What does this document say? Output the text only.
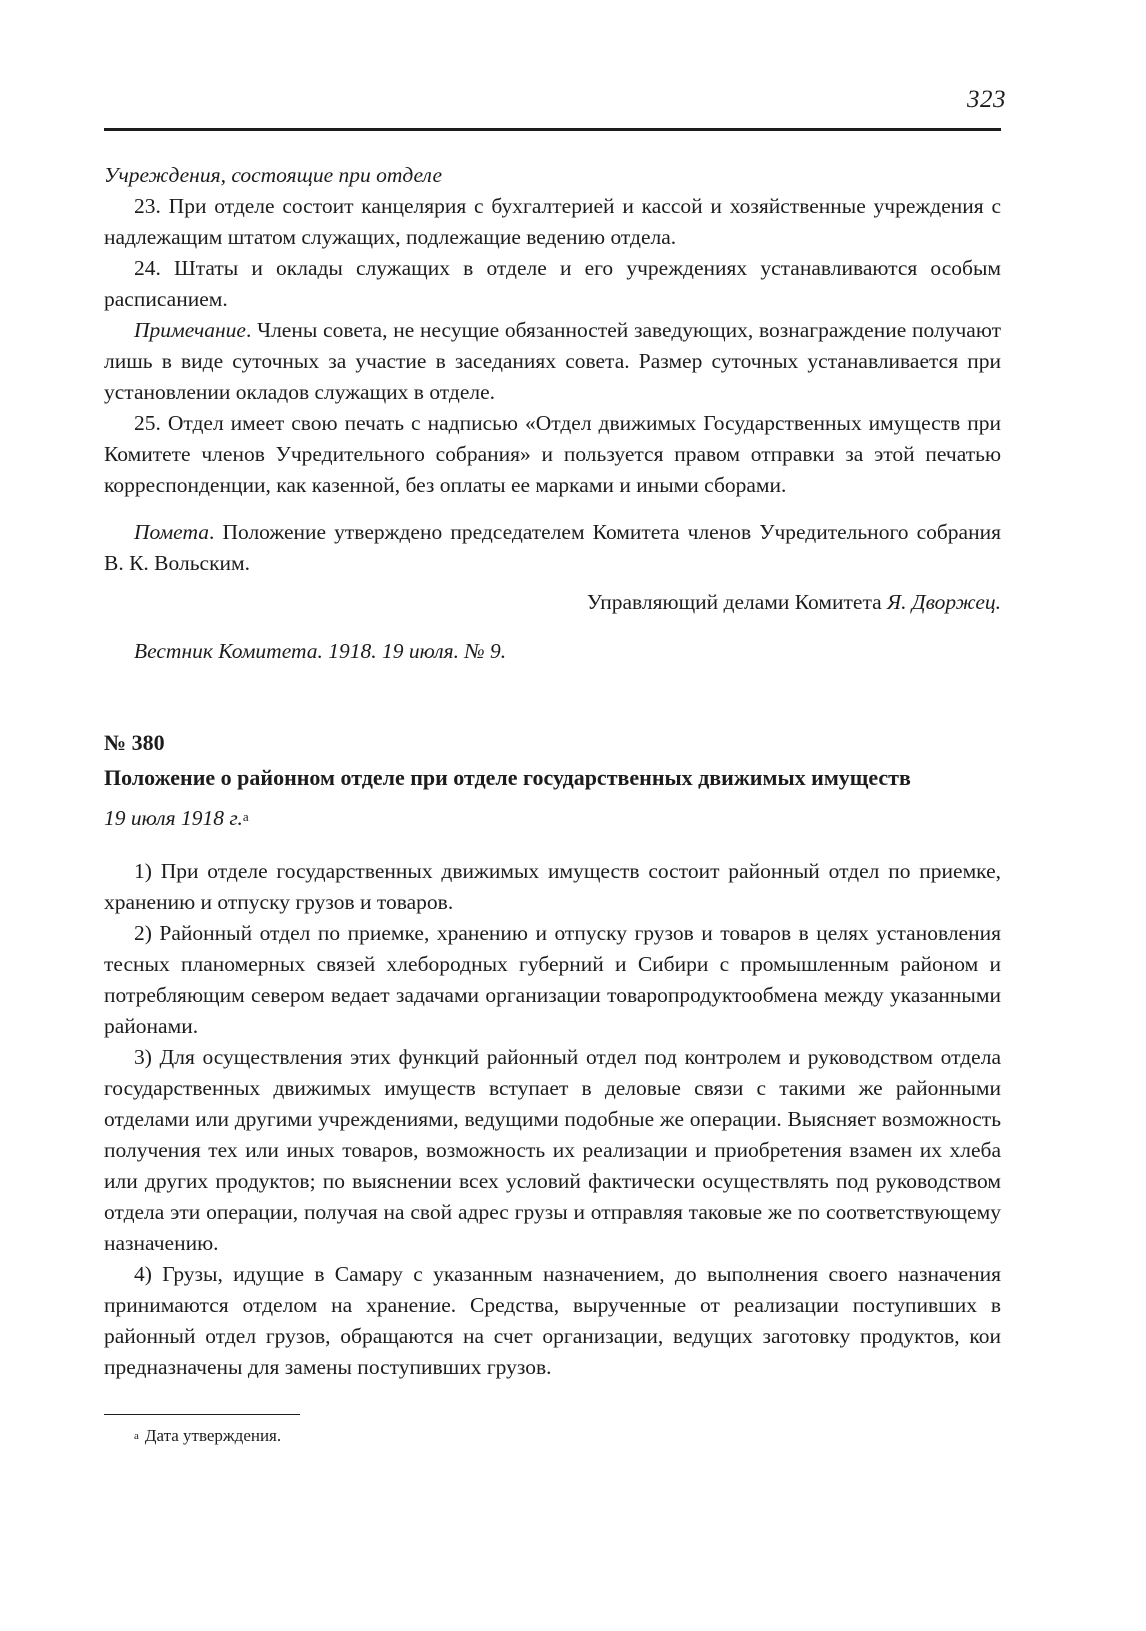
323

Учреждения, состоящие при отделе

23. При отделе состоит канцелярия с бухгалтерией и кассой и хозяйственные учреждения с надлежащим штатом служащих, подлежащие ведению отдела.

24. Штаты и оклады служащих в отделе и его учреждениях устанавливаются особым расписанием.

Примечание. Члены совета, не несущие обязанностей заведующих, вознаграждение получают лишь в виде суточных за участие в заседаниях совета. Размер суточных устанавливается при установлении окладов служащих в отделе.

25. Отдел имеет свою печать с надписью «Отдел движимых Государственных имуществ при Комитете членов Учредительного собрания» и пользуется правом отправки за этой печатью корреспонденции, как казенной, без оплаты ее марками и иными сборами.

Помета. Положение утверждено председателем Комитета членов Учредительного собрания В. К. Вольским.

Управляющий делами Комитета Я. Дворжец.

Вестник Комитета. 1918. 19 июля. № 9.

№ 380

Положение о районном отделе при отделе государственных движимых имуществ

19 июля 1918 г.$^а$

1) При отделе государственных движимых имуществ состоит районный отдел по приемке, хранению и отпуску грузов и товаров.

2) Районный отдел по приемке, хранению и отпуску грузов и товаров в целях установления тесных планомерных связей хлебородных губерний и Сибири с промышленным районом и потребляющим севером ведает задачами организации товаропродуктообмена между указанными районами.

3) Для осуществления этих функций районный отдел под контролем и руководством отдела государственных движимых имуществ вступает в деловые связи с такими же районными отделами или другими учреждениями, ведущими подобные же операции. Выясняет возможность получения тех или иных товаров, возможность их реализации и приобретения взамен их хлеба или других продуктов; по выяснении всех условий фактически осуществлять под руководством отдела эти операции, получая на свой адрес грузы и отправляя таковые же по соответствующему назначению.

4) Грузы, идущие в Самару с указанным назначением, до выполнения своего назначения принимаются отделом на хранение. Средства, вырученные от реализации поступивших в районный отдел грузов, обращаются на счет организации, ведущих заготовку продуктов, кои предназначены для замены поступивших грузов.

$^а$ Дата утверждения.
